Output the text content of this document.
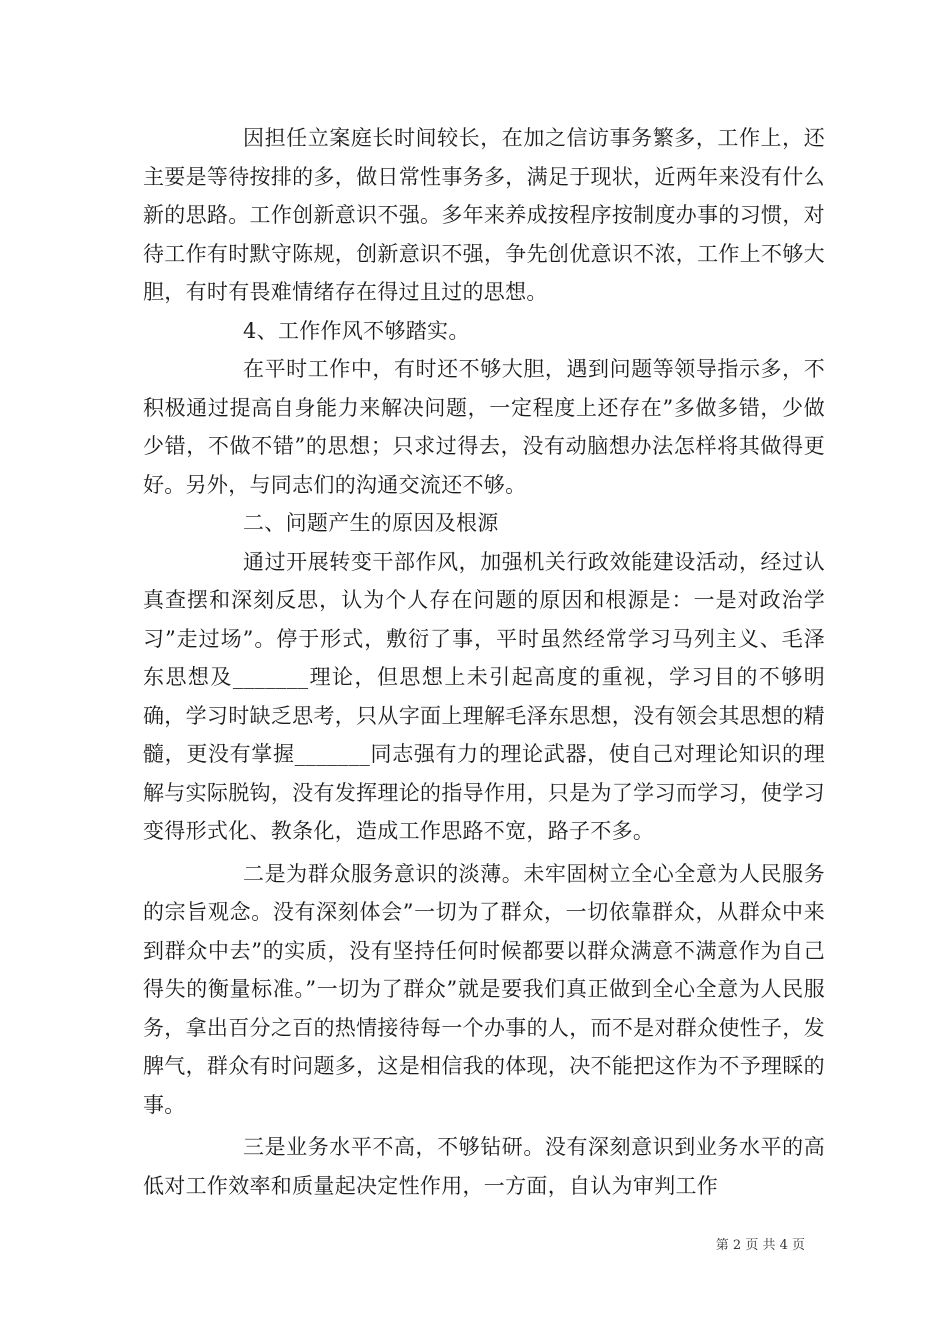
因担任立案庭长时间较长，在加之信访事务繁多，工作上，还主要是等待按排的多，做日常性事务多，满足于现状，近两年来没有什么新的思路。工作创新意识不强。多年来养成按程序按制度办事的习惯，对待工作有时默守陈规，创新意识不强，争先创优意识不浓，工作上不够大胆，有时有畏难情绪存在得过且过的思想。

4、工作作风不够踏实。

在平时工作中，有时还不够大胆，遇到问题等领导指示多，不积极通过提高自身能力来解决问题，一定程度上还存在”多做多错，少做少错，不做不错”的思想；只求过得去，没有动脑想办法怎样将其做得更好。另外，与同志们的沟通交流还不够。

二、问题产生的原因及根源

通过开展转变干部作风，加强机关行政效能建设活动，经过认真查摆和深刻反思，认为个人存在问题的原因和根源是：一是对政治学习”走过场”。停于形式，敷衍了事，平时虽然经常学习马列主义、毛泽东思想及_______理论，但思想上未引起高度的重视，学习目的不够明确，学习时缺乏思考，只从字面上理解毛泽东思想，没有领会其思想的精髓，更没有掌握_______同志强有力的理论武器，使自己对理论知识的理解与实际脱钩，没有发挥理论的指导作用，只是为了学习而学习，使学习变得形式化、教条化，造成工作思路不宽，路子不多。

二是为群众服务意识的淡薄。未牢固树立全心全意为人民服务的宗旨观念。没有深刻体会”一切为了群众，一切依靠群众，从群众中来到群众中去”的实质，没有坚持任何时候都要以群众满意不满意作为自己得失的衡量标准。”一切为了群众”就是要我们真正做到全心全意为人民服务，拿出百分之百的热情接待每一个办事的人，而不是对群众使性子，发脾气，群众有时问题多，这是相信我的体现，决不能把这作为不予理睬的事。

三是业务水平不高，不够钻研。没有深刻意识到业务水平的高低对工作效率和质量起决定性作用，一方面，自认为审判工作

第 2 页 共 4 页
